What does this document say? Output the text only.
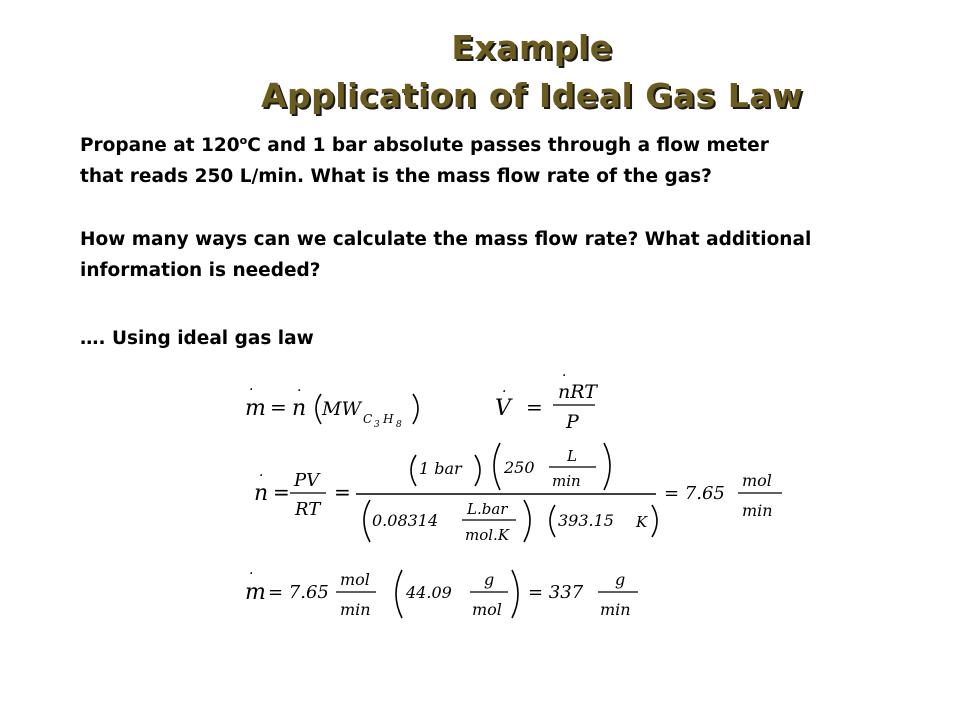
Example
Application of Ideal Gas Law
Propane at 120$^o$C and 1 bar absolute passes through a flow meter
that reads 250 L/min. What is the mass flow rate of the gas?
How many ways can we calculate the mass flow rate? What additional
information is needed?
…. Using ideal gas law
m
·
= n
·
MW C 3 H 8
V
·
=
nRT
·
P
n
·
= PV
RT
=
1 bar	250
L
min
0.08314
L.bar
mol.K
393.15 K
= 7.65
mol
min
m
·
= 7.65
mol
min
44.09
g
mol
= 337
g
min
